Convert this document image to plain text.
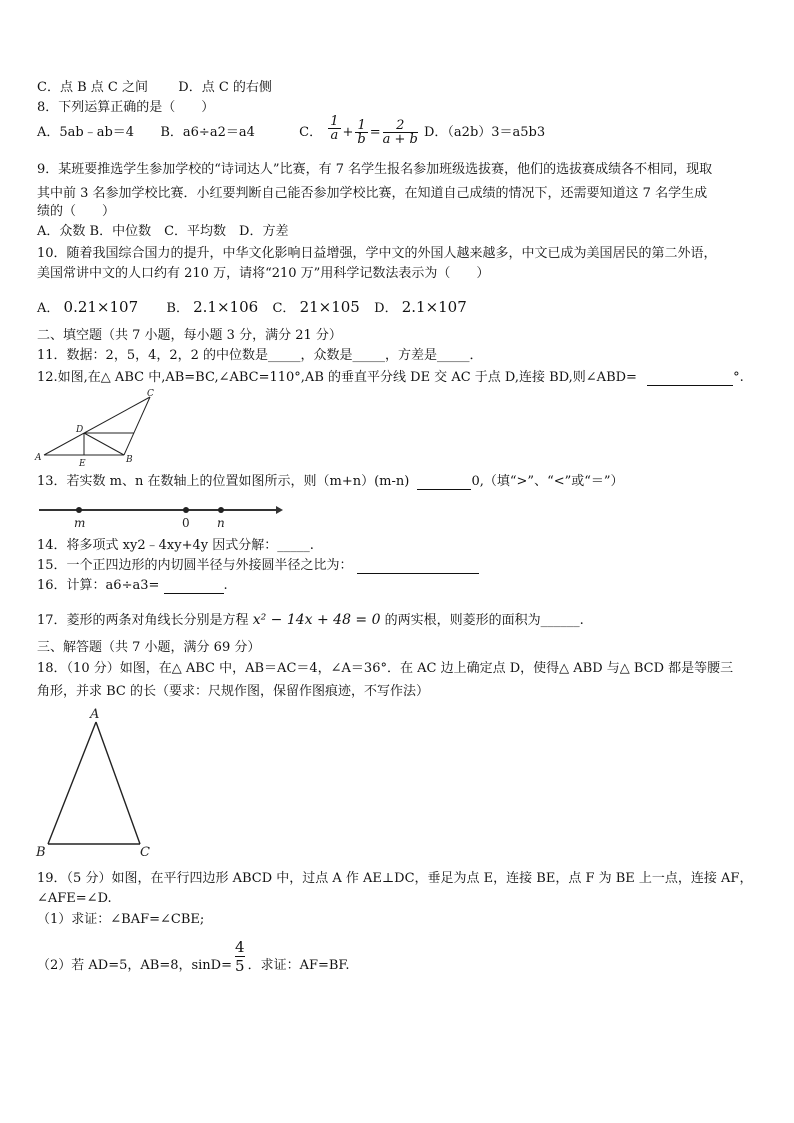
C．点 B 点 C 之间 D．点 C 的右侧
8．下列运算正确的是（　　）
A．5ab﹣ab＝4 B．a6÷a2＝a4	C． $\frac{1}{a} + \frac{1}{b} = \frac{2}{a + b}$ D．（a2b）3＝a5b3
9．某班要推选学生参加学校的“诗词达人”比赛，有 7 名学生报名参加班级选拔赛，他们的选拔赛成绩各不相同，现取
其中前 3 名参加学校比赛．小红要判断自己能否参加学校比赛，在知道自己成绩的情况下，还需要知道这 7 名学生成
绩的（　　）
A．众数 B．中位数　C．平均数　D．方差
10．随着我国综合国力的提升，中华文化影响日益增强，学中文的外国人越来越多，中文已成为美国居民的第二外语，
美国常讲中文的人口约有 210 万，请将“210 万”用科学记数法表示为（　　）
A． 0.21×107 B． 2.1×106 C． 21×105 D． 2.1×107
二、填空题（共 7 小题，每小题 3 分，满分 21 分）
11．数据：2，5，4，2，2 的中位数是_____，众数是_____，方差是_____．
12.如图,在△ ABC 中,AB=BC,∠ABC=110°,AB 的垂直平分线 DE 交 AC 于点 D,连接 BD,则∠ABD=	°.
A	B
C
D
E
13．若实数 m、n 在数轴上的位置如图所示，则（m+n）(m-n)	0,（填“>”、“<”或“＝”）
m	0 n
14．将多项式 xy2﹣4xy+4y 因式分解：_____.
15．一个正四边形的内切圆半径与外接圆半径之比为：
16．计算：a6÷a3=	.
17．菱形的两条对角线长分别是方程 x² − 14x + 48 = 0 的两实根，则菱形的面积为______.
三、解答题（共 7 小题，满分 69 分）
18．（10 分）如图，在△ ABC 中，AB＝AC＝4，∠A＝36°．在 AC 边上确定点 D，使得△ ABD 与△ BCD 都是等腰三
角形，并求 BC 的长（要求：尺规作图，保留作图痕迹，不写作法）
A
B	C
19．（5 分）如图，在平行四边形 ABCD 中，过点 A 作 AE⊥DC，垂足为点 E，连接 BE，点 F 为 BE 上一点，连接 AF，
∠AFE=∠D.
（1）求证：∠BAF=∠CBE;
（2）若 AD=5，AB=8，$\sin D= \frac{4}{5}$ ．求证：AF=BF.
